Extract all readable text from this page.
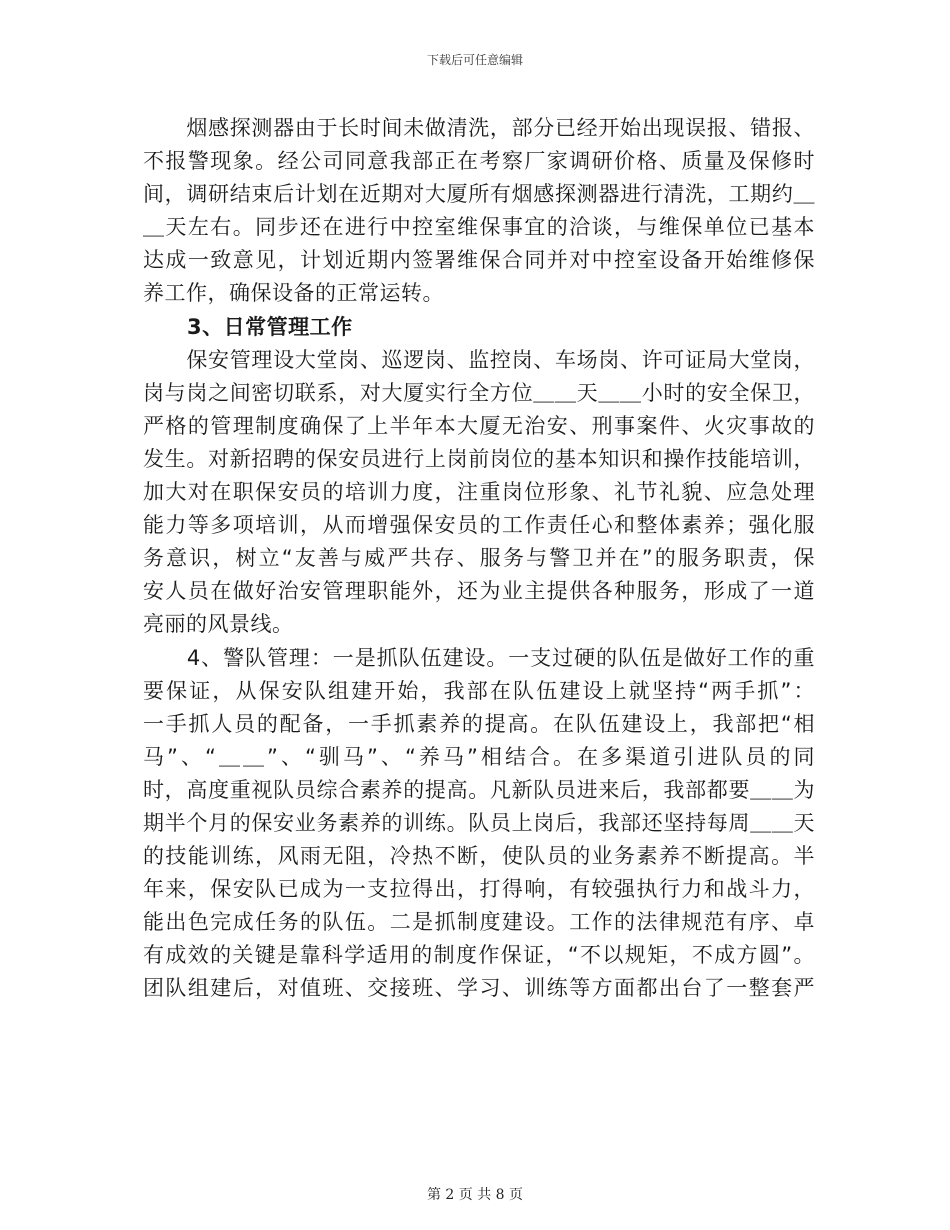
下载后可任意编辑
　　烟感探测器由于长时间未做清洗，部分已经开始出现误报、错报、
不报警现象。经公司同意我部正在考察厂家调研价格、质量及保修时
间，调研结束后计划在近期对大厦所有烟感探测器进行清洗，工期约＿
＿天左右。同步还在进行中控室维保事宜的洽谈，与维保单位已基本
达成一致意见，计划近期内签署维保合同并对中控室设备开始维修保
养工作，确保设备的正常运转。
3、日常管理工作
　　保安管理设大堂岗、巡逻岗、监控岗、车场岗、许可证局大堂岗，
岗与岗之间密切联系，对大厦实行全方位＿＿天＿＿小时的安全保卫，
严格的管理制度确保了上半年本大厦无治安、刑事案件、火灾事故的
发生。对新招聘的保安员进行上岗前岗位的基本知识和操作技能培训，
加大对在职保安员的培训力度，注重岗位形象、礼节礼貌、应急处理
能力等多项培训，从而增强保安员的工作责任心和整体素养；强化服
务意识，树立“友善与威严共存、服务与警卫并在”的服务职责，保
安人员在做好治安管理职能外，还为业主提供各种服务，形成了一道
亮丽的风景线。
　　4、警队管理：一是抓队伍建设。一支过硬的队伍是做好工作的重
要保证，从保安队组建开始，我部在队伍建设上就坚持“两手抓”：
一手抓人员的配备，一手抓素养的提高。在队伍建设上，我部把“相
马”、“＿＿”、“驯马”、“养马”相结合。在多渠道引进队员的同
时，高度重视队员综合素养的提高。凡新队员进来后，我部都要＿＿为
期半个月的保安业务素养的训练。队员上岗后，我部还坚持每周＿＿天
的技能训练，风雨无阻，冷热不断，使队员的业务素养不断提高。半
年来，保安队已成为一支拉得出，打得响，有较强执行力和战斗力，
能出色完成任务的队伍。二是抓制度建设。工作的法律规范有序、卓
有成效的关键是靠科学适用的制度作保证，“不以规矩，不成方圆”。
团队组建后，对值班、交接班、学习、训练等方面都出台了一整套严
第 2 页 共 8 页
